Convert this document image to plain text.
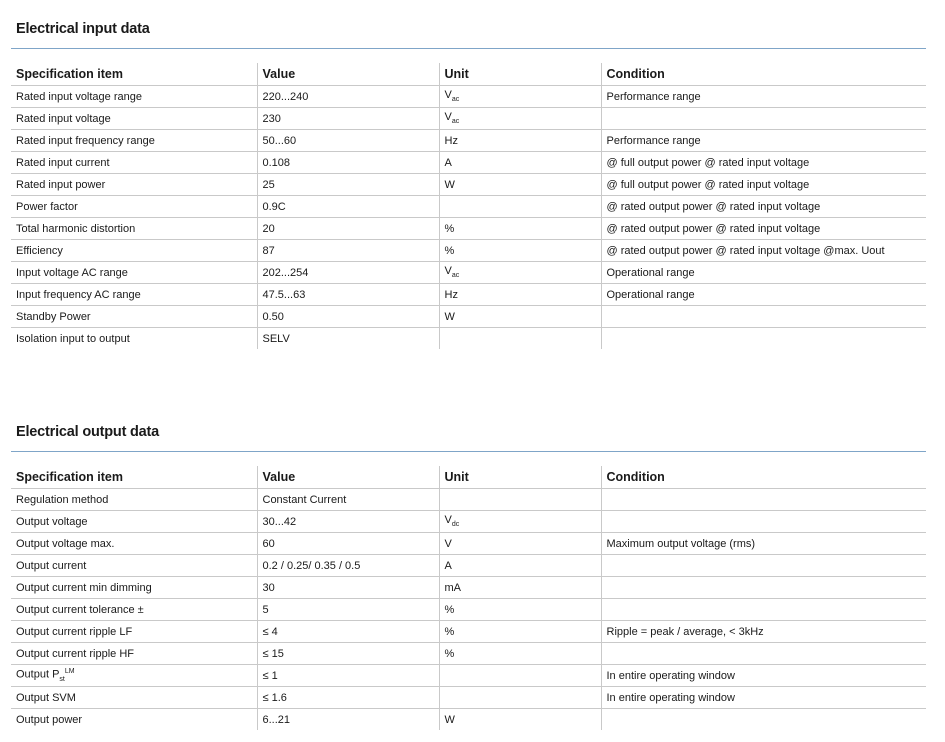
Electrical input data
Specification item	Value	Unit	Condition
Rated input voltage range	220...240	$V_{ac}$	Performance range
Rated input voltage	230	$V_{ac}$	
Rated input frequency range	50...60	Hz	Performance range
Rated input current	0.108	A	@ full output power @ rated input voltage
Rated input power	25	W	@ full output power @ rated input voltage
Power factor	0.9C		@ rated output power @ rated input voltage
Total harmonic distortion	20	%	@ rated output power @ rated input voltage
Efficiency	87	%	@ rated output power @ rated input voltage @max. Uout
Input voltage AC range	202...254	$V_{ac}$	Operational range
Input frequency AC range	47.5...63	Hz	Operational range
Standby Power	0.50	W	
Isolation input to output	SELV		
Electrical output data
Specification item	Value	Unit	Condition
Regulation method	Constant Current		
Output voltage	30...42	$V_{dc}$	
Output voltage max.	60	V	Maximum output voltage (rms)
Output current	0.2 / 0.25/ 0.35 / 0.5	A	
Output current min dimming	30	mA	
Output current tolerance ±	5	%	
Output current ripple LF	≤ 4	%	Ripple = peak / average, < 3kHz
Output current ripple HF	≤ 15	%	
Output $P_{st}^{LM}$	≤ 1		In entire operating window
Output SVM	≤ 1.6		In entire operating window
Output power	6...21	W	
